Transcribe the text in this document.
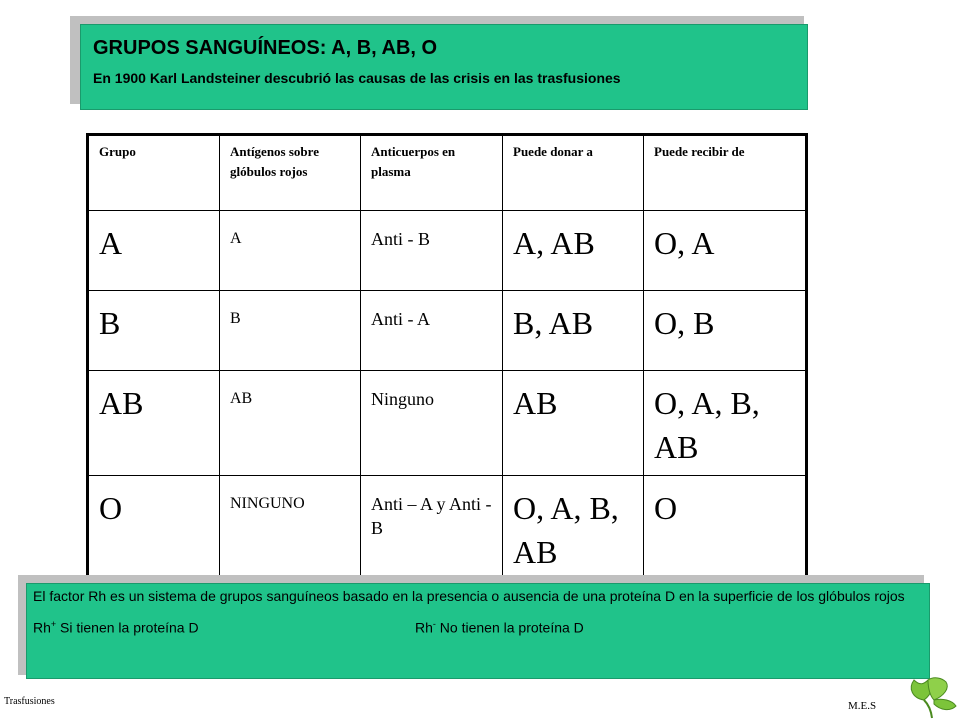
GRUPOS SANGUÍNEOS: A, B, AB, O
En 1900 Karl Landsteiner descubrió las causas de las crisis en las trasfusiones
Grupo	Antígenos sobre glóbulos rojos	Anticuerpos en plasma	Puede donar a	Puede recibir de
A	A	Anti - B	A, AB	O, A
B	B	Anti - A	B, AB	O, B
AB	AB	Ninguno	AB	O, A, B, AB
O	NINGUNO	Anti – A y Anti - B	O, A, B, AB	O
El factor Rh es un sistema de grupos sanguíneos basado en la presencia o ausencia de una proteína D en la superficie de los glóbulos rojos
Rh+ Si tienen la proteína D	Rh- No tienen la proteína D
Trasfusiones	M.E.S
